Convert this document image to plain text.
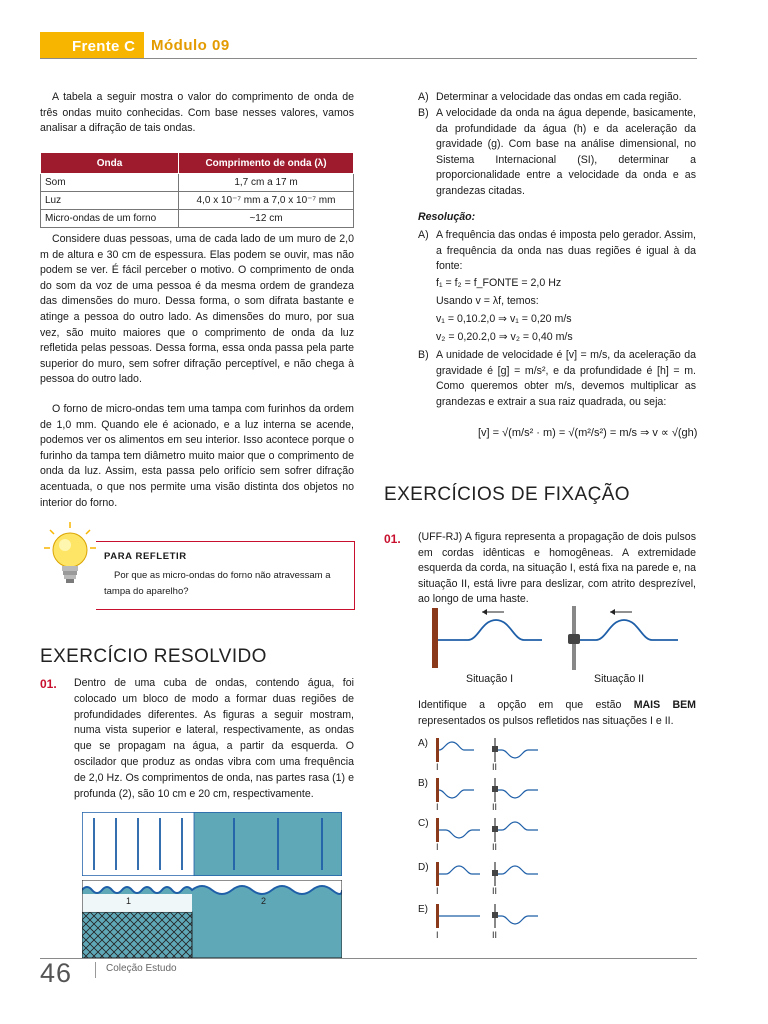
Frente C Módulo 09

A tabela a seguir mostra o valor do comprimento de onda de três ondas muito conhecidas. Com base nesses valores, vamos analisar a difração de tais ondas.

Onda	Comprimento de onda (λ)
Som	1,7 cm a 17 m
Luz	4,0 x 10⁻⁷ mm a 7,0 x 10⁻⁷ mm
Micro-ondas de um forno	~12 cm

Considere duas pessoas, uma de cada lado de um muro de 2,0 m de altura e 30 cm de espessura. Elas podem se ouvir, mas não podem se ver. É fácil perceber o motivo. O comprimento de onda do som da voz de uma pessoa é da mesma ordem de grandeza das dimensões do muro. Dessa forma, o som difrata bastante e atinge a pessoa do outro lado. As dimensões do muro, por sua vez, são muito maiores que o comprimento de onda da luz refletida pelas pessoas. Dessa forma, essa onda passa pela parte superior do muro, sem sofrer difração perceptível, e não chega à pessoa do outro lado.

O forno de micro-ondas tem uma tampa com furinhos da ordem de 1,0 mm. Quando ele é acionado, e a luz interna se acende, podemos ver os alimentos em seu interior. Isso acontece porque o furinho da tampa tem diâmetro muito maior que o comprimento de onda da luz. Assim, esta passa pelo orifício sem sofrer difração acentuada, o que nos permite uma visão distinta dos objetos no interior do forno.

PARA REFLETIR
Por que as micro-ondas do forno não atravessam a tampa do aparelho?
EXERCÍCIO RESOLVIDO
01. Dentro de uma cuba de ondas, contendo água, foi colocado um bloco de modo a formar duas regiões de profundidades diferentes. As figuras a seguir mostram, numa vista superior e lateral, respectivamente, as ondas que se propagam na água, a partir da esquerda. O oscilador que produz as ondas vibra com uma frequência de 2,0 Hz. Os comprimentos de onda, nas partes rasa (1) e profunda (2), são 10 cm e 20 cm, respectivamente.

1	2
A) Determinar a velocidade das ondas em cada região.

B) A velocidade da onda na água depende, basicamente, da profundidade da água (h) e da aceleração da gravidade (g). Com base na análise dimensional, no Sistema Internacional (SI), determinar a proporcionalidade entre a velocidade da onda e as grandezas citadas.

Resolução:
A) A frequência das ondas é imposta pelo gerador. Assim, a frequência da onda nas duas regiões é igual à da fonte:

f₁ = f₂ = f_FONTE = 2,0 Hz
Usando v = λf, temos:
v₁ = 0,10.2,0 ⇒ v₁ = 0,20 m/s
v₂ = 0,20.2,0 ⇒ v₂ = 0,40 m/s
B) A unidade de velocidade é [v] = m/s, da aceleração da gravidade é [g] = m/s², e da profundidade é [h] = m. Como queremos obter m/s, devemos multiplicar as grandezas e extrair a sua raiz quadrada, ou seja:

[v] = √(m/s² · m) = √(m²/s²) = m/s ⇒ v ∝ √(gh)
EXERCÍCIOS DE FIXAÇÃO
01. (UFF-RJ) A figura representa a propagação de dois pulsos em cordas idênticas e homogêneas. A extremidade esquerda da corda, na situação I, está fixa na parede e, na situação II, está livre para deslizar, com atrito desprezível, ao longo de uma haste.

Situação I	Situação II

Identifique a opção em que estão MAIS BEM representados os pulsos refletidos nas situações I e II.

A)
I	II
B)
I	II
C)
I	II
D)
I	II
E)
I	II
46	Coleção Estudo
